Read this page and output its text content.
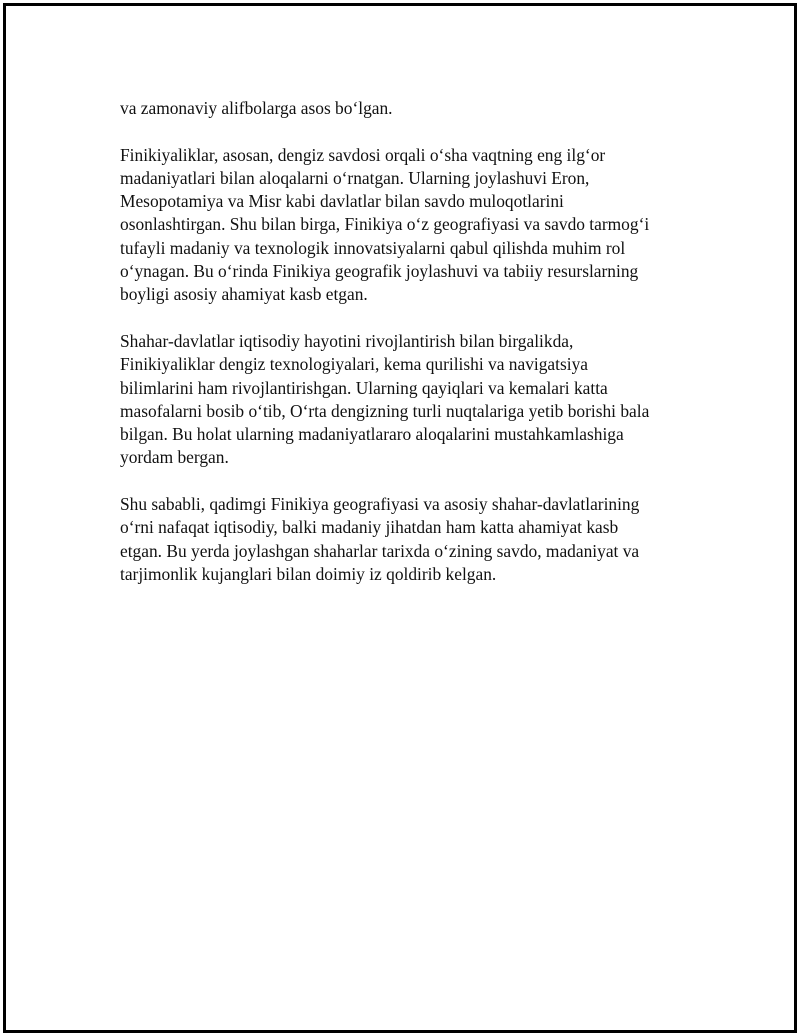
va zamonaviy alifbolarga asos bo‘lgan.

Finikiyaliklar, asosan, dengiz savdosi orqali o‘sha vaqtning eng ilg‘or
madaniyatlari bilan aloqalarni o‘rnatgan. Ularning joylashuvi Eron,
Mesopotamiya va Misr kabi davlatlar bilan savdo muloqotlarini
osonlashtirgan. Shu bilan birga, Finikiya o‘z geografiyasi va savdo tarmog‘i
tufayli madaniy va texnologik innovatsiyalarni qabul qilishda muhim rol
o‘ynagan. Bu o‘rinda Finikiya geografik joylashuvi va tabiiy resurslarning
boyligi asosiy ahamiyat kasb etgan.

Shahar-davlatlar iqtisodiy hayotini rivojlantirish bilan birgalikda,
Finikiyaliklar dengiz texnologiyalari, kema qurilishi va navigatsiya
bilimlarini ham rivojlantirishgan. Ularning qayiqlari va kemalari katta
masofalarni bosib o‘tib, O‘rta dengizning turli nuqtalariga yetib borishi bala
bilgan. Bu holat ularning madaniyatlararo aloqalarini mustahkamlashiga
yordam bergan.

Shu sababli, qadimgi Finikiya geografiyasi va asosiy shahar-davlatlarining
o‘rni nafaqat iqtisodiy, balki madaniy jihatdan ham katta ahamiyat kasb
etgan. Bu yerda joylashgan shaharlar tarixda o‘zining savdo, madaniyat va
tarjimonlik kujanglari bilan doimiy iz qoldirib kelgan.
